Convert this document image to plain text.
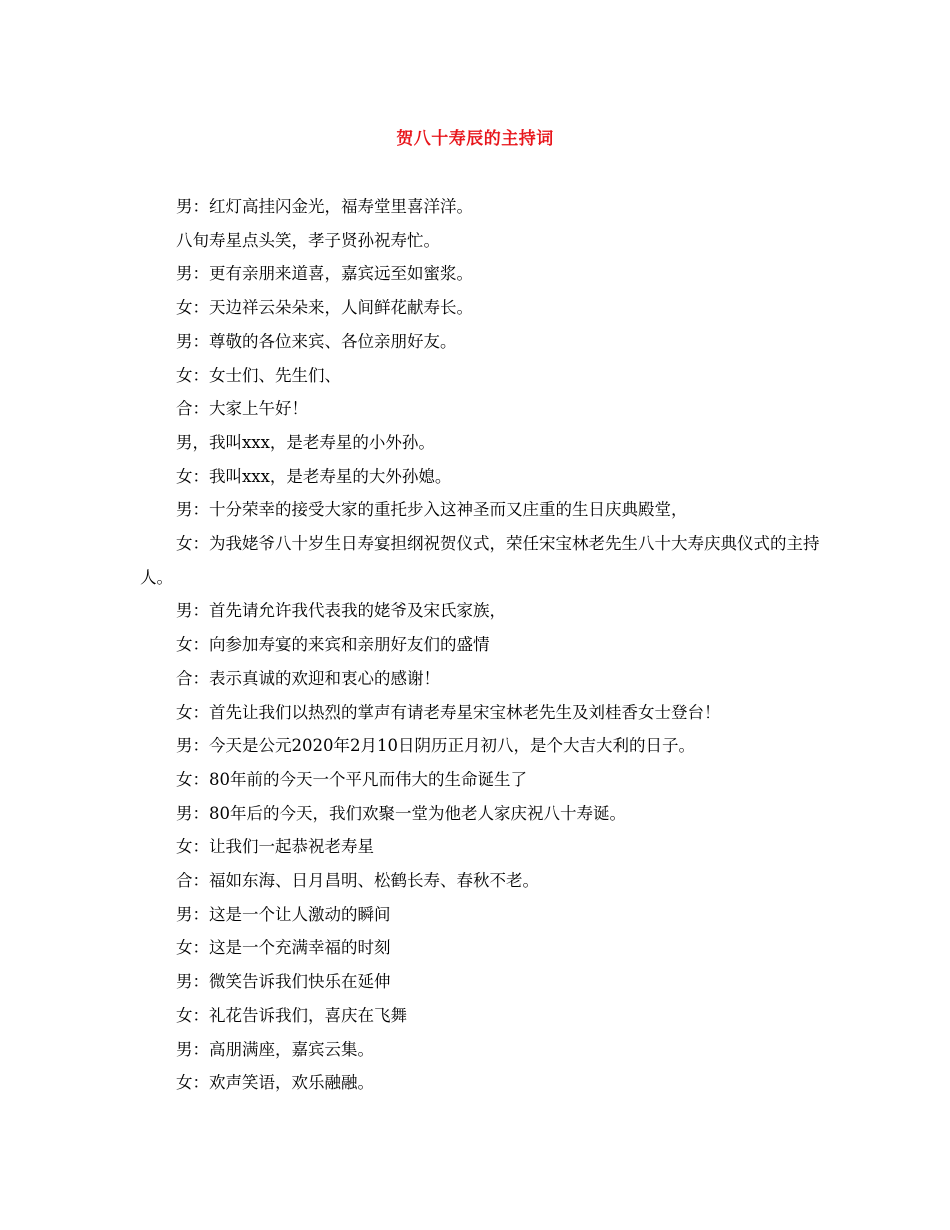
贺八十寿辰的主持词

男：红灯高挂闪金光，福寿堂里喜洋洋。

八旬寿星点头笑，孝子贤孙祝寿忙。

男：更有亲朋来道喜，嘉宾远至如蜜浆。

女：天边祥云朵朵来，人间鲜花献寿长。

男：尊敬的各位来宾、各位亲朋好友。

女：女士们、先生们、

合：大家上午好！

男，我叫xxx，是老寿星的小外孙。

女：我叫xxx，是老寿星的大外孙媳。

男：十分荣幸的接受大家的重托步入这神圣而又庄重的生日庆典殿堂，

女：为我姥爷八十岁生日寿宴担纲祝贺仪式，荣任宋宝林老先生八十大寿庆典仪式的主持人。

男：首先请允许我代表我的姥爷及宋氏家族，

女：向参加寿宴的来宾和亲朋好友们的盛情

合：表示真诚的欢迎和衷心的感谢！

女：首先让我们以热烈的掌声有请老寿星宋宝林老先生及刘桂香女士登台！

男：今天是公元2020年2月10日阴历正月初八，是个大吉大利的日子。

女：80年前的今天一个平凡而伟大的生命诞生了

男：80年后的今天，我们欢聚一堂为他老人家庆祝八十寿诞。

女：让我们一起恭祝老寿星

合：福如东海、日月昌明、松鹤长寿、春秋不老。

男：这是一个让人激动的瞬间

女：这是一个充满幸福的时刻

男：微笑告诉我们快乐在延伸

女：礼花告诉我们，喜庆在飞舞

男：高朋满座，嘉宾云集。

女：欢声笑语，欢乐融融。
